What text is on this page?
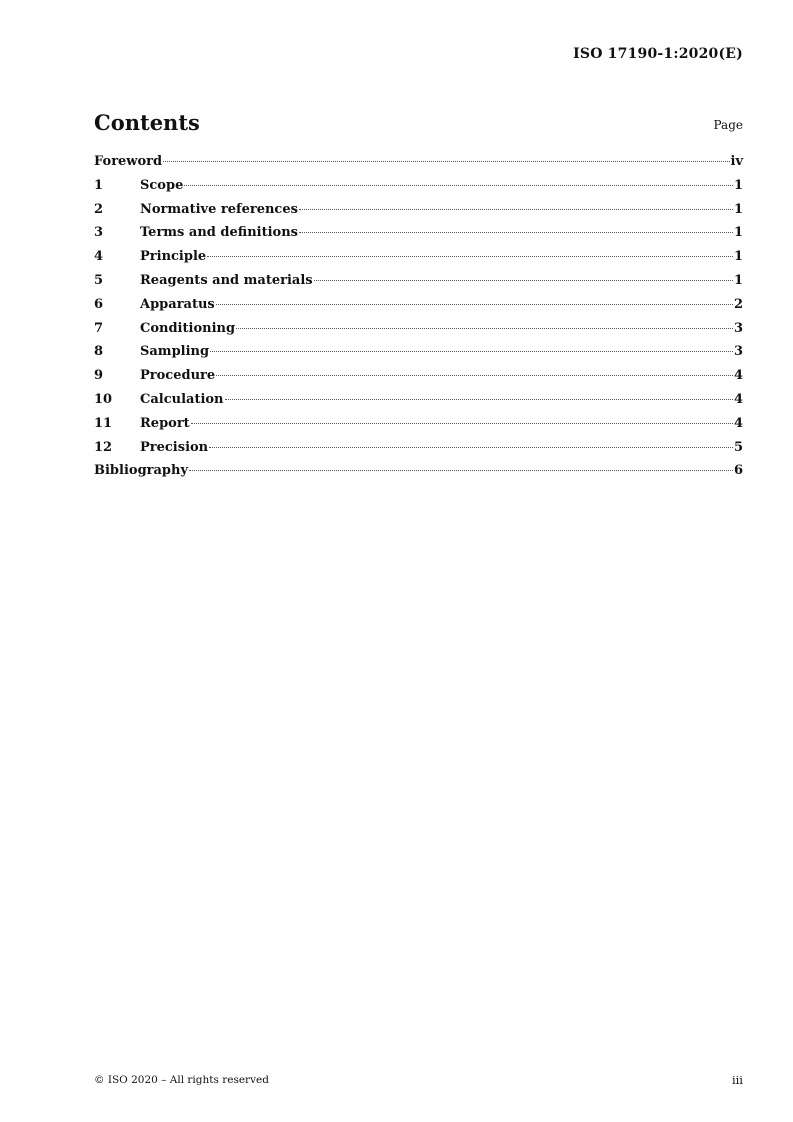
ISO 17190-1:2020(E)
Contents	Page
Foreword	iv
1	Scope	1
2	Normative references	1
3	Terms and definitions	1
4	Principle	1
5	Reagents and materials	1
6	Apparatus	2
7	Conditioning	3
8	Sampling	3
9	Procedure	4
10	Calculation	4
11	Report	4
12	Precision	5
Bibliography	6
© ISO 2020 – All rights reserved	iii
